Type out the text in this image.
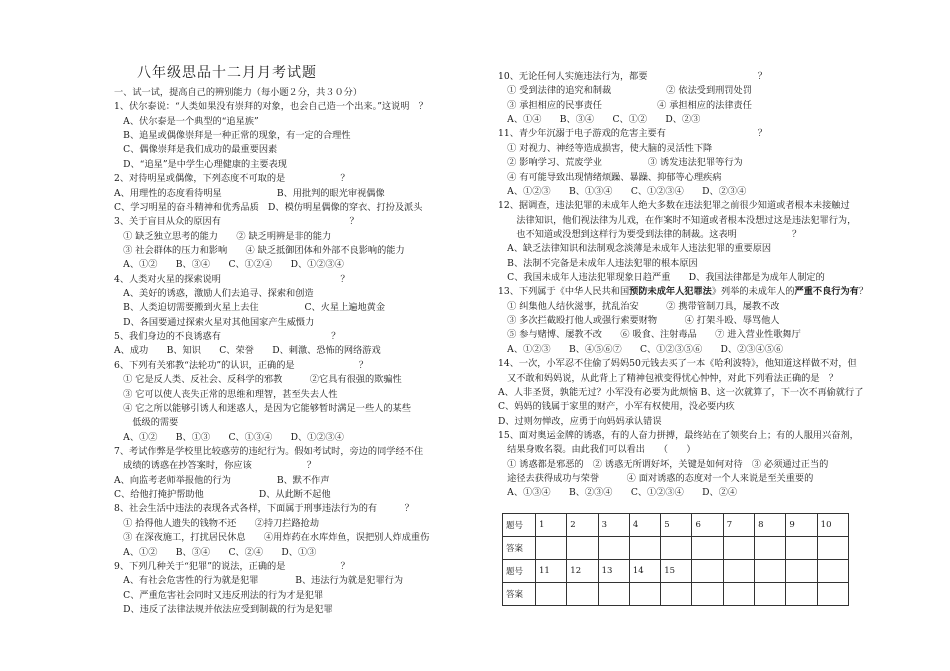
八年级思品十二月月考试题
一、试一试，提高自己的辨别能力（每小题２分，共３０分）
1、伏尔泰说：“人类如果没有崇拜的对象，也会自己造一个出来。”这说明　？
　A、伏尔泰是一个典型的“追星族”
　B、追星或偶像崇拜是一种正常的现象，有一定的合理性
　C、偶像崇拜是我们成功的最重要因素
　D、“追星”是中学生心理健康的主要表现
2、对待明星或偶像，下列态度不可取的是　　　　　　？
A、用理性的态度看待明星　　　　　　B、用批判的眼光审视偶像
C、学习明星的奋斗精神和优秀品质　D、模仿明星偶像的穿衣、打扮及派头
3、关于盲目从众的原因有　　　　　　　　　　　　　　？
　① 缺乏独立思考的能力　　② 缺乏明辨是非的能力
　③ 社会群体的压力和影响　　④ 缺乏抵御团体和外部不良影响的能力
　A、①②　　B、③④　　C、①②④　　D、①②③④
4、人类对火星的探索说明　　　　　　　　　　　　　？
　A、美好的诱惑，激励人们去追寻、探索和创造
　B、人类迫切需要搬到火星上去住　　　　　C、火星上遍地黄金
　D、各国要通过探索火星对其他国家产生威慑力
5、我们身边的不良诱惑有　　　　　　　　　　　　？
A、成功　　B、知识　　C、荣誉　　D、刺激、恐怖的网络游戏
6、下列有关邪教“法轮功”的认识，正确的是　　　　　　　？
　① 它是反人类、反社会、反科学的邪教　　　②它具有很强的欺骗性
　③ 它可以使人丧失正常的思维和理智，甚至失去人性
　④ 它之所以能够引诱人和迷惑人，是因为它能够暂时满足一些人的某些
　　低级的需要
　A、①②　　B、①③　　C、①③④　　D、①②③④
7、考试作弊是学校里比较惑劳的违纪行为。假如考试时，旁边的同学经不住
　成绩的诱惑在抄答案时，你应该　　　　　　？
A、向监考老师举报他的行为　　　　　B、默不作声
C、给他打掩护帮助他　　　　　　D、从此断不起他
8、社会生活中违法的表现各式各样，下面属于刑事违法行为的有　　　？
　① 拾得他人遗失的钱物不还　　②持刀拦路抢劫
　③ 在深夜施工，打扰居民休息　　④用炸药在水库炸鱼，误把别人炸成重伤
　A、①②　　B、③④　　C、②④　　D、①③
9、下列几种关于“犯罪”的说法，正确的是　　　　　　？
　A、有社会危害性的行为就是犯罪　　　　B、违法行为就是犯罪行为
　C、严重危害社会同时又违反刑法的行为才是犯罪
　D、违反了法律法规并依法应受到制裁的行为是犯罪
10、无论任何人实施违法行为，都要　　　　　　　　　　　　？
　① 受到法律的追究和制裁　　　　　　② 依法受到刑罚处罚
　③ 承担相应的民事责任　　　　　　④ 承担相应的法律责任
　A、①④　　B、③④　　C、①②　　D、②③
11、青少年沉溺于电子游戏的危害主要有　　　　　　　　　　？
　① 对视力、神经等造成损害，使大脑的灵活性下降
　② 影响学习、荒废学业　　　　　③ 诱发违法犯罪等行为
　④ 有可能导致出现情绪烦躁、暴躁、抑郁等心理疾病
　A、①②③　　B、①③④　　C、①②③④　　D、②③④
12、据调查，违法犯罪的未成年人绝大多数在违法犯罪之前很少知道或者根本未接触过
　　法律知识，他们视法律为儿戏，在作案时不知道或者根本没想过这是违法犯罪行为，
　　也不知道或没想到这样行为要受到法律的制裁。这表明　　　　　　？
　A、缺乏法律知识和法制观念淡薄是未成年人违法犯罪的重要原因
　B、法制不完备是未成年人违法犯罪的根本原因
　C、我国未成年人违法犯罪现象日趋严重　　D、我国法律都是为成年人制定的
13、下列属于《中华人民共和国预防未成年人犯罪法》列举的未成年人的严重不良行为有？
　① 纠集他人结伙滋事，扰乱治安　　　② 携带管制刀具，屡教不改
　③ 多次拦截殴打他人或强行索要财物　　　④ 打架斗殴、辱骂他人
　⑤ 参与赌博、屡教不改　　⑥ 吸食、注射毒品　　⑦ 进入营业性歌舞厅
　A、①②③　　B、④⑤⑥⑦　　C、①②③⑤⑥　　D、②③④⑤⑥
14、一次，小军忍不住偷了妈妈50元钱去买了一本《哈利波特》，他知道这样做不对，但
　又不敢和妈妈说，从此背上了精神包袱变得忧心忡忡，对此下列看法正确的是　？
A、人非圣贤，孰能无过？小军没有必要为此烦恼 B、这一次就算了，下一次不再偷就行了
C、妈妈的钱属于家里的财产，小军有权使用，没必要内疚
D、过则勿惮改，应勇于向妈妈承认错误
15、面对奥运金牌的诱惑，有的人奋力拼搏，最终站在了领奖台上；有的人服用兴奋剂，
　结果身败名裂。由此我们可以看出　　（　　）
　① 诱惑都是邪恶的　② 诱惑无所谓好坏，关键是如何对待　③ 必须通过正当的
　途径去获得成功与荣誉　　　④ 面对诱惑的态度对一个人来说是至关重要的
　A、①③④　　B、②③④　　C、①②③④　　D、②④
题号	1	2	3	4	5	6	7	8	9	10
答案										
题号	11	12	13	14	15					
答案										
